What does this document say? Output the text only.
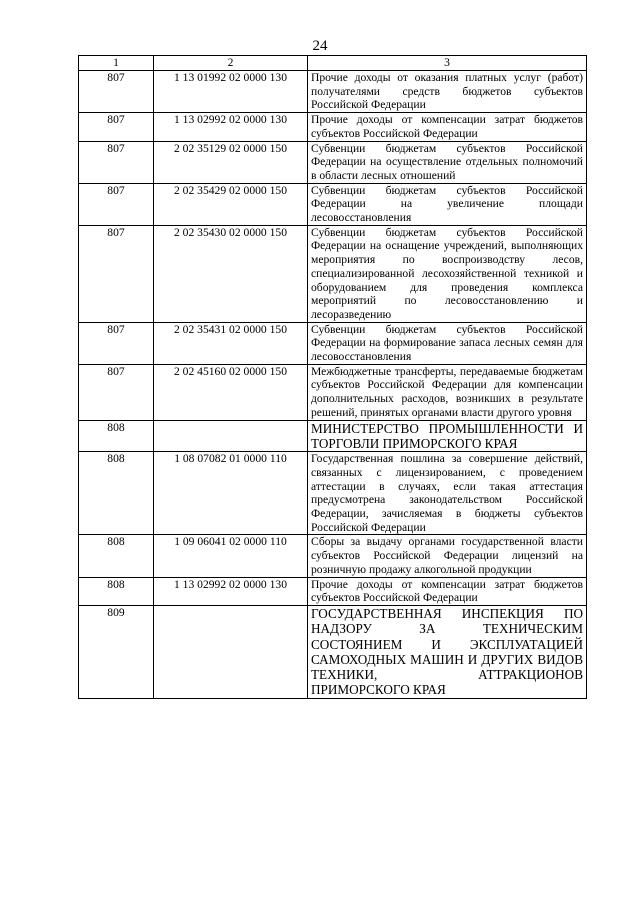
24
1	2	3
807	1 13 01992 02 0000 130	Прочие доходы от оказания платных услуг (работ) получателями средств бюджетов субъектов Российской Федерации

807	1 13 02992 02 0000 130	Прочие доходы от компенсации затрат бюджетов субъектов Российской Федерации

807	2 02 35129 02 0000 150	Субвенции бюджетам субъектов Российской Федерации на осуществление отдельных полномочий в области лесных отношений

807	2 02 35429 02 0000 150	Субвенции бюджетам субъектов Российской Федерации на увеличение площади лесовосстановления

807	2 02 35430 02 0000 150	Субвенции бюджетам субъектов Российской Федерации на оснащение учреждений, выполняющих мероприятия по воспроизводству лесов, специализированной лесохозяйственной техникой и оборудованием для проведения комплекса мероприятий по лесовосстановлению и лесоразведению

807	2 02 35431 02 0000 150	Субвенции бюджетам субъектов Российской Федерации на формирование запаса лесных семян для лесовосстановления

807	2 02 45160 02 0000 150	Межбюджетные трансферты, передаваемые бюджетам субъектов Российской Федерации для компенсации дополнительных расходов, возникших в результате решений, принятых органами власти другого уровня

808		МИНИСТЕРСТВО ПРОМЫШЛЕННОСТИ И ТОРГОВЛИ ПРИМОРСКОГО КРАЯ

808	1 08 07082 01 0000 110	Государственная пошлина за совершение действий, связанных с лицензированием, с проведением аттестации в случаях, если такая аттестация предусмотрена законодательством Российской Федерации, зачисляемая в бюджеты субъектов Российской Федерации

808	1 09 06041 02 0000 110	Сборы за выдачу органами государственной власти субъектов Российской Федерации лицензий на розничную продажу алкогольной продукции

808	1 13 02992 02 0000 130	Прочие доходы от компенсации затрат бюджетов субъектов Российской Федерации

809		ГОСУДАРСТВЕННАЯ ИНСПЕКЦИЯ ПО НАДЗОРУ ЗА ТЕХНИЧЕСКИМ СОСТОЯНИЕМ И ЭКСПЛУАТАЦИЕЙ САМОХОДНЫХ МАШИН И ДРУГИХ ВИДОВ ТЕХНИКИ, АТТРАКЦИОНОВ ПРИМОРСКОГО КРАЯ
